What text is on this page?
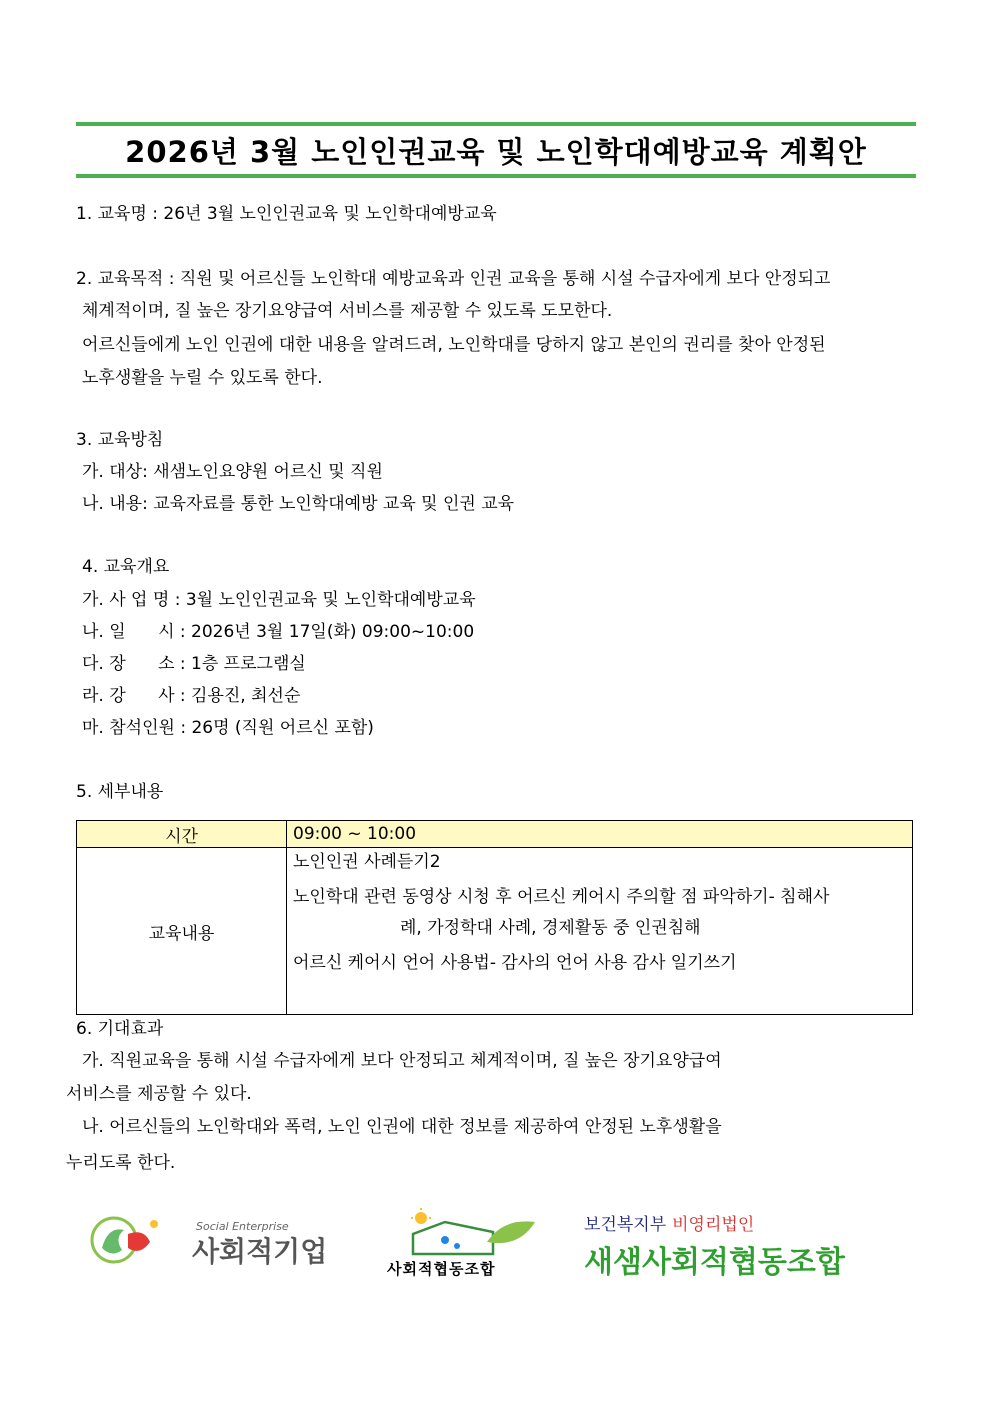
2026년 3월 노인인권교육 및 노인학대예방교육 계획안
1. 교육명 : 26년 3월 노인인권교육 및 노인학대예방교육
2. 교육목적 : 직원 및 어르신들 노인학대 예방교육과 인권 교육을 통해 시설 수급자에게 보다 안정되고
체계적이며, 질 높은 장기요양급여 서비스를 제공할 수 있도록 도모한다.
어르신들에게 노인 인권에 대한 내용을 알려드려, 노인학대를 당하지 않고 본인의 권리를 찾아 안정된
노후생활을 누릴 수 있도록 한다.
3. 교육방침
가. 대상: 새샘노인요양원 어르신 및 직원
나. 내용: 교육자료를 통한 노인학대예방 교육 및 인권 교육
4. 교육개요
가. 사 업 명 : 3월 노인인권교육 및 노인학대예방교육
나. 일      시 : 2026년 3월 17일(화) 09:00~10:00
다. 장      소 : 1층 프로그램실
라. 강      사 : 김용진, 최선순
마. 참석인원 : 26명 (직원 어르신 포함)
5. 세부내용
시간	09:00 ~ 10:00
교육내용	노인인권 사례듣기2
노인학대 관련 동영상 시청 후 어르신 케어시 주의할 점 파악하기- 침해사
례, 가정학대 사례, 경제활동 중 인권침해
어르신 케어시 언어 사용법- 감사의 언어 사용 감사 일기쓰기
6. 기대효과
가. 직원교육을 통해 시설 수급자에게 보다 안정되고 체계적이며, 질 높은 장기요양급여
서비스를 제공할 수 있다.
나. 어르신들의 노인학대와 폭력, 노인 인권에 대한 정보를 제공하여 안정된 노후생활을
누리도록 한다.
Social Enterprise
사회적기업
사회적협동조합
보건복지부 비영리법인
새샘사회적협동조합
